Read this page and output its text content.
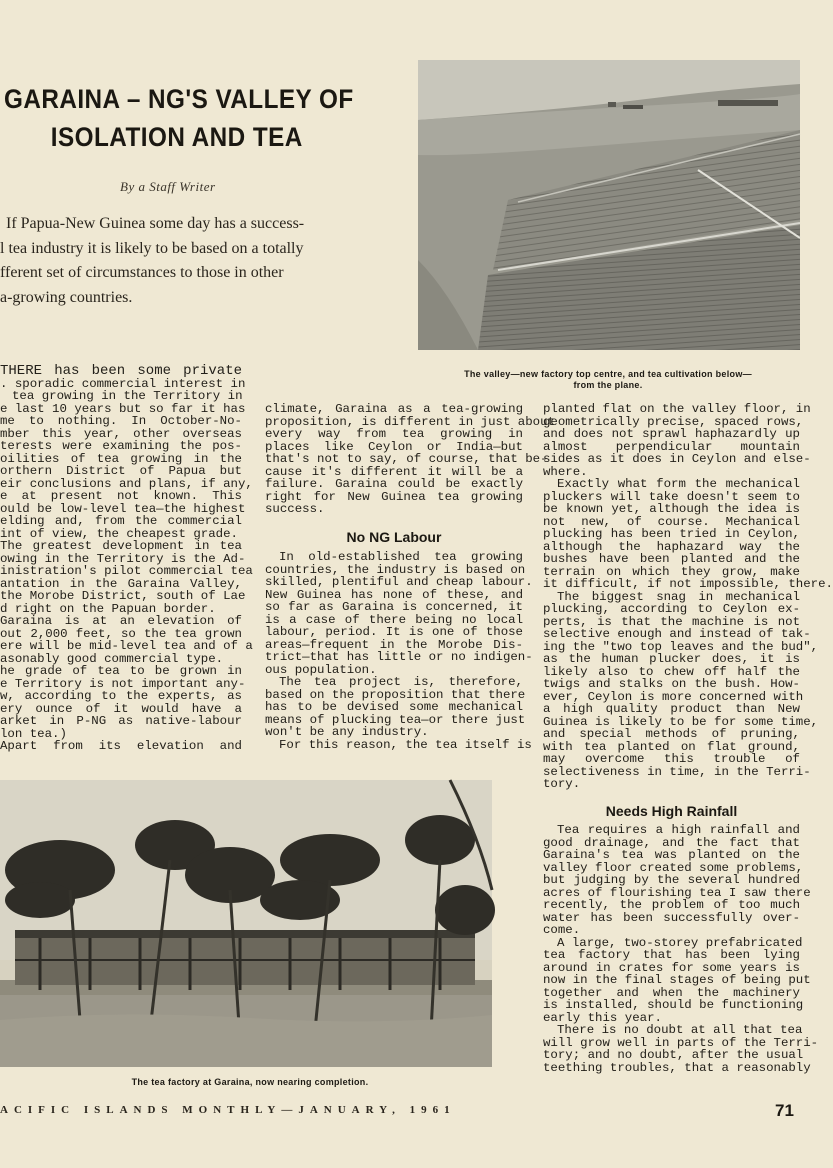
GARAINA – NG'S VALLEY OF
ISOLATION AND TEA
By a Staff Writer
If Papua-New Guinea some day has a success-
l tea industry it is likely to be based on a totally
fferent set of circumstances to those in other
a-growing countries.
The valley—new factory top centre, and tea cultivation below—
from the plane.
THERE has been some private
. sporadic commercial interest in
tea growing in the Territory in
e last 10 years but so far it has
me to nothing. In October-No-
mber this year, other overseas
terests were examining the pos-
oilities of tea growing in the
orthern District of Papua but
eir conclusions and plans, if any,
e at present not known. This
ould be low-level tea—the highest
elding and, from the commercial
int of view, the cheapest grade.
The greatest development in tea
owing in the Territory is the Ad-
inistration's pilot commercial tea
antation in the Garaina Valley,
the Morobe District, south of Lae
d right on the Papuan border.
Garaina is at an elevation of
out 2,000 feet, so the tea grown
ere will be mid-level tea and of a
asonably good commercial type.
he grade of tea to be grown in
e Territory is not important any-
w, according to the experts, as
ery ounce of it would have a
arket in P-NG as native-labour
lon tea.)
Apart from its elevation and
climate, Garaina as a tea-growing
proposition, is different in just about
every way from tea growing in
places like Ceylon or India—but
that's not to say, of course, that be-
cause it's different it will be a
failure. Garaina could be exactly
right for New Guinea tea growing
success.
No NG Labour
In old-established tea growing
countries, the industry is based on
skilled, plentiful and cheap labour.
New Guinea has none of these, and
so far as Garaina is concerned, it
is a case of there being no local
labour, period. It is one of those
areas—frequent in the Morobe Dis-
trict—that has little or no indigen-
ous population.
The tea project is, therefore,
based on the proposition that there
has to be devised some mechanical
means of plucking tea—or there just
won't be any industry.
For this reason, the tea itself is
planted flat on the valley floor, in
geometrically precise, spaced rows,
and does not sprawl haphazardly up
almost perpendicular mountain
sides as it does in Ceylon and else-
where.
Exactly what form the mechanical
pluckers will take doesn't seem to
be known yet, although the idea is
not new, of course. Mechanical
plucking has been tried in Ceylon,
although the haphazard way the
bushes have been planted and the
terrain on which they grow, make
it difficult, if not impossible, there.
The biggest snag in mechanical
plucking, according to Ceylon ex-
perts, is that the machine is not
selective enough and instead of tak-
ing the "two top leaves and the bud",
as the human plucker does, it is
likely also to chew off half the
twigs and stalks on the bush. How-
ever, Ceylon is more concerned with
a high quality product than New
Guinea is likely to be for some time,
and special methods of pruning,
with tea planted on flat ground,
may overcome this trouble of
selectiveness in time, in the Terri-
tory.
Needs High Rainfall
Tea requires a high rainfall and
good drainage, and the fact that
Garaina's tea was planted on the
valley floor created some problems,
but judging by the several hundred
acres of flourishing tea I saw there
recently, the problem of too much
water has been successfully over-
come.
A large, two-storey prefabricated
tea factory that has been lying
around in crates for some years is
now in the final stages of being put
together and when the machinery
is installed, should be functioning
early this year.
There is no doubt at all that tea
will grow well in parts of the Terri-
tory; and no doubt, after the usual
teething troubles, that a reasonably
The tea factory at Garaina, now nearing completion.
ACIFIC ISLANDS MONTHLY—JANUARY, 1961	71
